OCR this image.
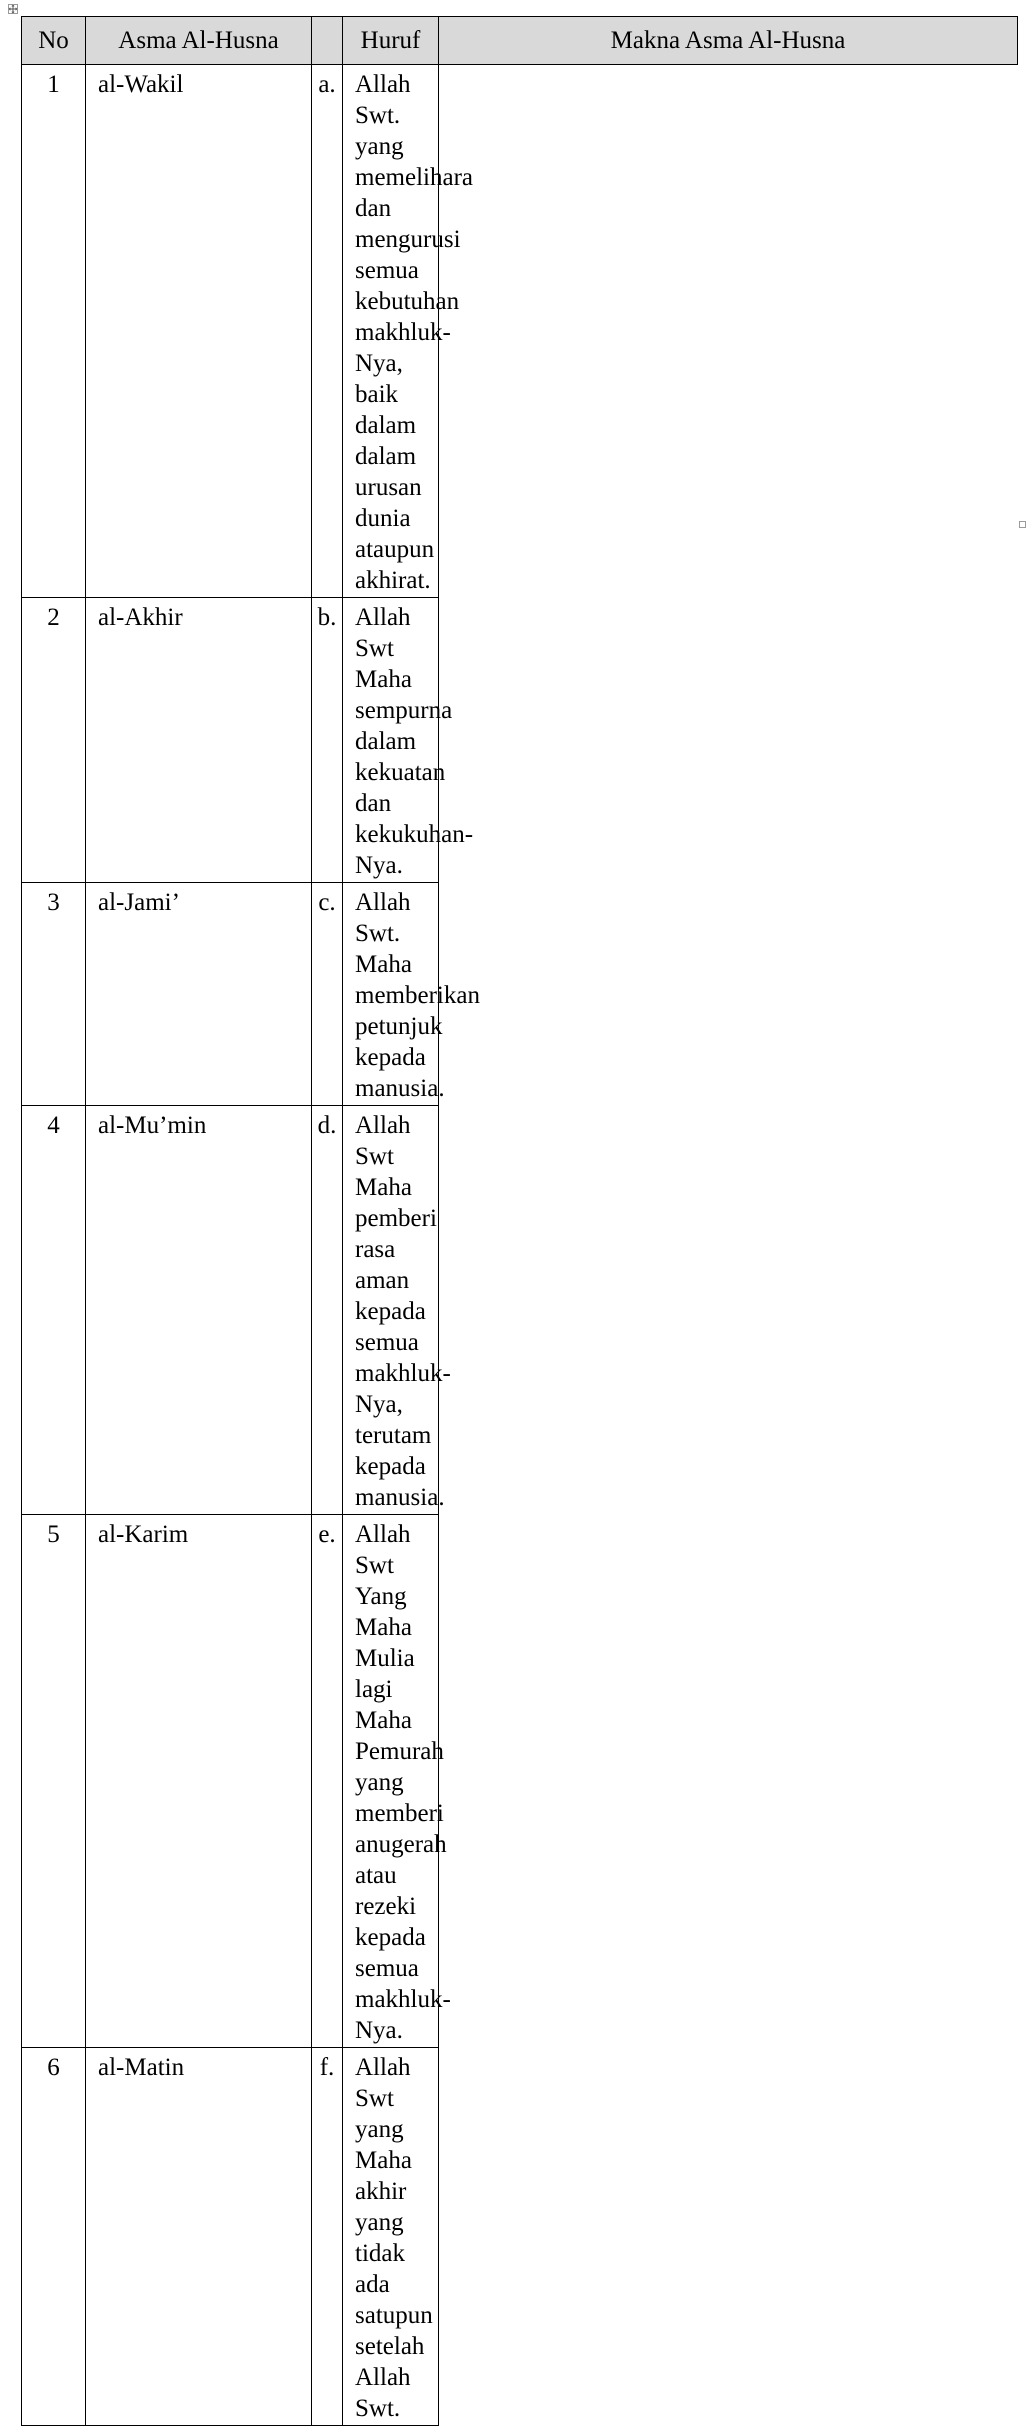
No	Asma Al-Husna		Huruf	Makna Asma Al-Husna
1	al-Wakil	a.	Allah Swt. yang memelihara dan mengurusi semua kebutuhan makhluk-Nya, baik dalam dalam urusan dunia ataupun akhirat.	
2	al-Akhir	b.	Allah Swt Maha sempurna dalam kekuatan dan kekukuhan-Nya.	
3	al-Jami’	c.	Allah Swt. Maha memberikan petunjuk kepada manusia.	
4	al-Mu’min	d.	Allah Swt Maha pemberi rasa aman kepada semua makhluk-Nya, terutam kepada manusia.	
5	al-Karim	e.	Allah Swt Yang Maha Mulia lagi Maha Pemurah yang memberi anugerah atau rezeki kepada semua makhluk-Nya.	
6	al-Matin	f.	Allah Swt yang Maha akhir yang tidak ada satupun setelah Allah Swt.	
